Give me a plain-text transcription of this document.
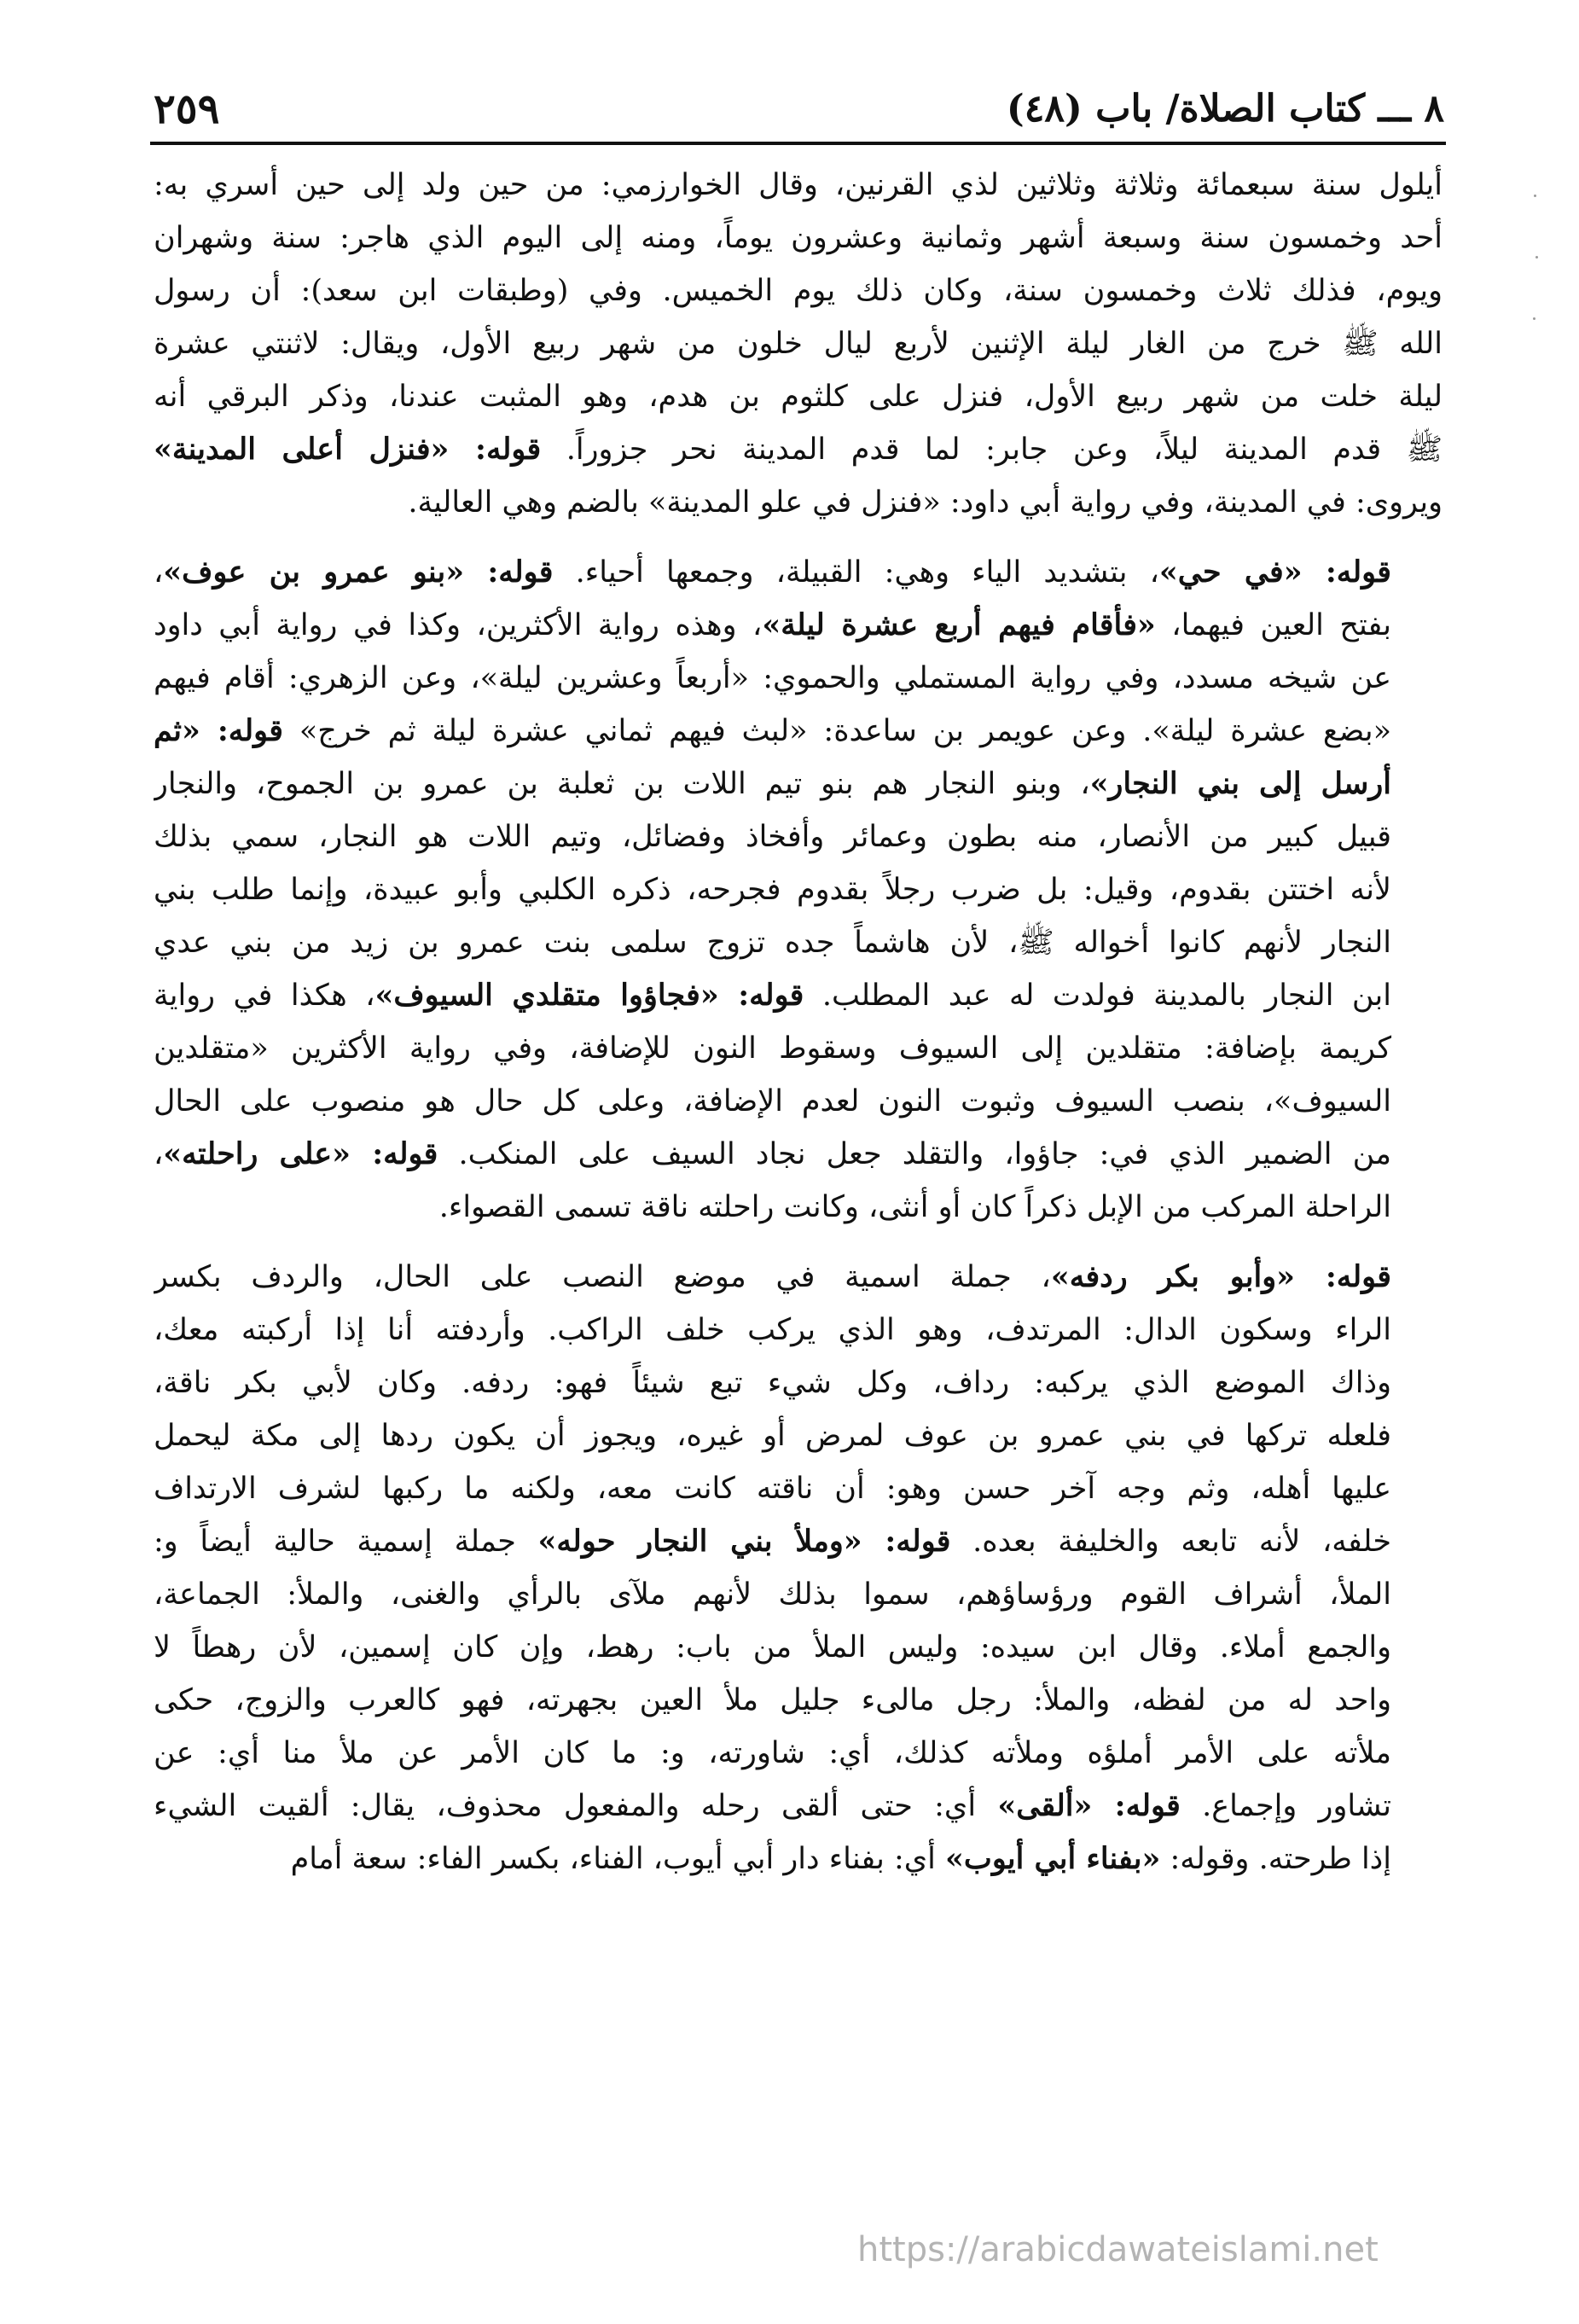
٨ ـــ كتاب الصلاة/ باب (٤٨)
٢٥٩
أيلول سنة سبعمائة وثلاثة وثلاثين لذي القرنين، وقال الخوارزمي: من حين ولد إلى حين أسري به:
أحد وخمسون سنة وسبعة أشهر وثمانية وعشرون يوماً، ومنه إلى اليوم الذي هاجر: سنة وشهران
ويوم، فذلك ثلاث وخمسون سنة، وكان ذلك يوم الخميس. وفي (وطبقات ابن سعد): أن رسول
الله ﷺ خرج من الغار ليلة الإثنين لأربع ليال خلون من شهر ربيع الأول، ويقال: لاثنتي عشرة
ليلة خلت من شهر ربيع الأول، فنزل على كلثوم بن هدم، وهو المثبت عندنا، وذكر البرقي أنه
ﷺ قدم المدينة ليلاً، وعن جابر: لما قدم المدينة نحر جزوراً. قوله: «فنزل أعلى المدينة»
ويروى: في المدينة، وفي رواية أبي داود: «فنزل في علو المدينة» بالضم وهي العالية.
قوله: «في حي»، بتشديد الياء وهي: القبيلة، وجمعها أحياء. قوله: «بنو عمرو بن عوف»،
بفتح العين فيهما، «فأقام فيهم أربع عشرة ليلة»، وهذه رواية الأكثرين، وكذا في رواية أبي داود
عن شيخه مسدد، وفي رواية المستملي والحموي: «أربعاً وعشرين ليلة»، وعن الزهري: أقام فيهم
«بضع عشرة ليلة». وعن عويمر بن ساعدة: «لبث فيهم ثماني عشرة ليلة ثم خرج» قوله: «ثم
أرسل إلى بني النجار»، وبنو النجار هم بنو تيم اللات بن ثعلبة بن عمرو بن الجموح، والنجار
قبيل كبير من الأنصار، منه بطون وعمائر وأفخاذ وفضائل، وتيم اللات هو النجار، سمي بذلك
لأنه اختتن بقدوم، وقيل: بل ضرب رجلاً بقدوم فجرحه، ذكره الكلبي وأبو عبيدة، وإنما طلب بني
النجار لأنهم كانوا أخواله ﷺ، لأن هاشماً جده تزوج سلمى بنت عمرو بن زيد من بني عدي
ابن النجار بالمدينة فولدت له عبد المطلب. قوله: «فجاؤوا متقلدي السيوف»، هكذا في رواية
كريمة بإضافة: متقلدين إلى السيوف وسقوط النون للإضافة، وفي رواية الأكثرين «متقلدين
السيوف»، بنصب السيوف وثبوت النون لعدم الإضافة، وعلى كل حال هو منصوب على الحال
من الضمير الذي في: جاؤوا، والتقلد جعل نجاد السيف على المنكب. قوله: «على راحلته»،
الراحلة المركب من الإبل ذكراً كان أو أنثى، وكانت راحلته ناقة تسمى القصواء.
قوله: «وأبو بكر ردفه»، جملة اسمية في موضع النصب على الحال، والردف بكسر
الراء وسكون الدال: المرتدف، وهو الذي يركب خلف الراكب. وأردفته أنا إذا أركبته معك،
وذاك الموضع الذي يركبه: رداف، وكل شيء تبع شيئاً فهو: ردفه. وكان لأبي بكر ناقة،
فلعله تركها في بني عمرو بن عوف لمرض أو غيره، ويجوز أن يكون ردها إلى مكة ليحمل
عليها أهله، وثم وجه آخر حسن وهو: أن ناقته كانت معه، ولكنه ما ركبها لشرف الارتداف
خلفه، لأنه تابعه والخليفة بعده. قوله: «وملأ بني النجار حوله» جملة إسمية حالية أيضاً و:
الملأ، أشراف القوم ورؤساؤهم، سموا بذلك لأنهم ملآى بالرأي والغنى، والملأ: الجماعة،
والجمع أملاء. وقال ابن سيده: وليس الملأ من باب: رهط، وإن كان إسمين، لأن رهطاً لا
واحد له من لفظه، والملأ: رجل مالىء جليل ملأ العين بجهرته، فهو كالعرب والزوج، حكى
ملأته على الأمر أملؤه وملأته كذلك، أي: شاورته، و: ما كان الأمر عن ملأ منا أي: عن
تشاور وإجماع. قوله: «ألقى» أي: حتى ألقى رحله والمفعول محذوف، يقال: ألقيت الشيء
إذا طرحته. وقوله: «بفناء أبي أيوب» أي: بفناء دار أبي أيوب، الفناء، بكسر الفاء: سعة أمام
https://arabicdawateislami.net
